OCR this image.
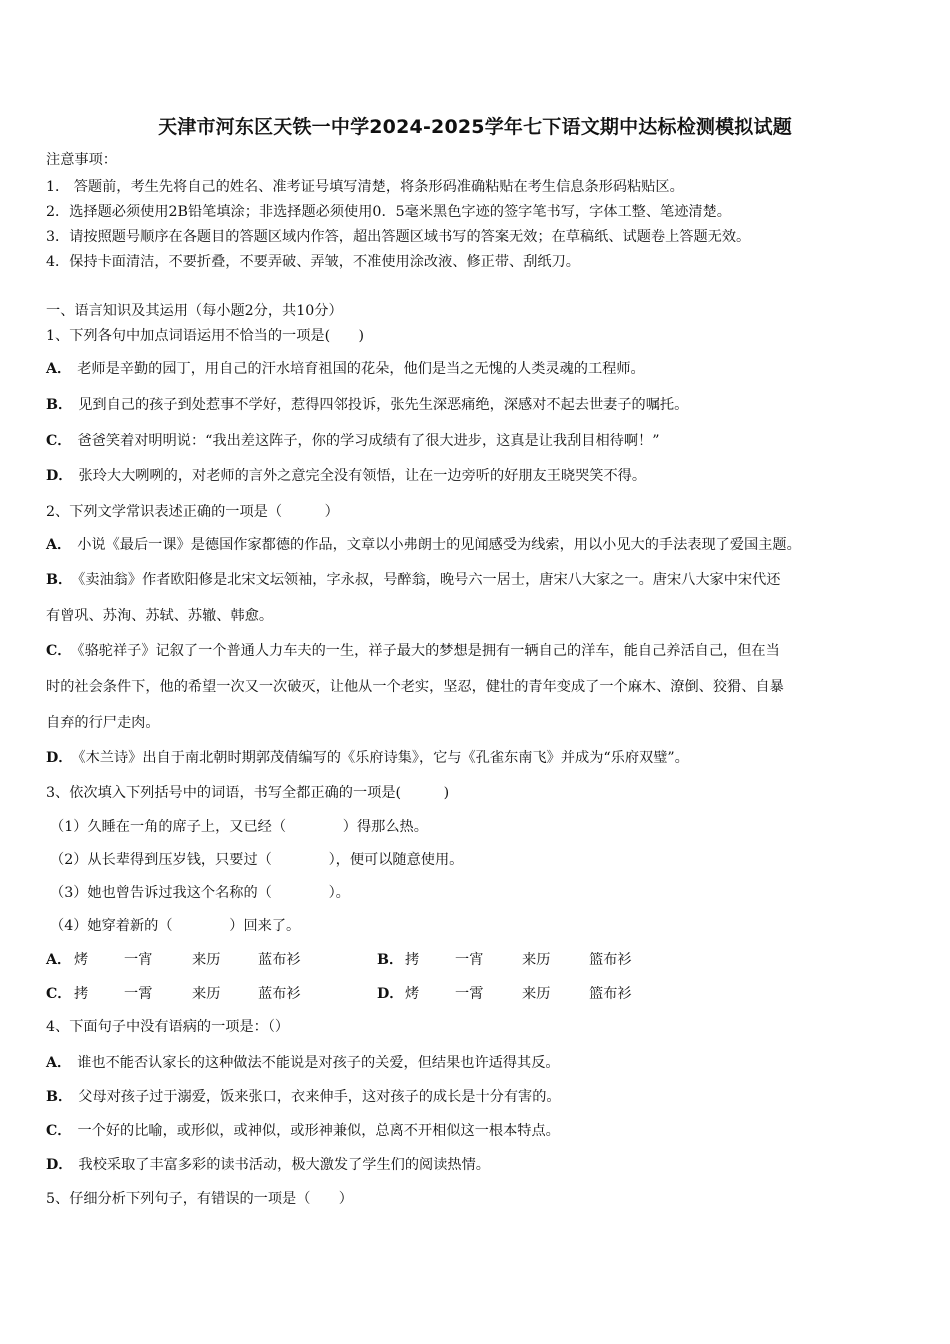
天津市河东区天铁一中学2024-2025学年七下语文期中达标检测模拟试题
注意事项：
1． 答题前，考生先将自己的姓名、准考证号填写清楚，将条形码准确粘贴在考生信息条形码粘贴区。
2．选择题必须使用2B铅笔填涂；非选择题必须使用0．5毫米黑色字迹的签字笔书写，字体工整、笔迹清楚。
3．请按照题号顺序在各题目的答题区域内作答，超出答题区域书写的答案无效；在草稿纸、试题卷上答题无效。
4．保持卡面清洁，不要折叠，不要弄破、弄皱，不准使用涂改液、修正带、刮纸刀。
一、语言知识及其运用（每小题2分，共10分）
1、下列各句中加点词语运用不恰当的一项是(　　)
A． 老师是辛勤的园丁，用自己的汗水培育祖国的花朵，他们是当之无愧的人类灵魂的工程师。
B． 见到自己的孩子到处惹事不学好，惹得四邻投诉，张先生深恶痛绝，深感对不起去世妻子的嘱托。
C． 爸爸笑着对明明说：“我出差这阵子，你的学习成绩有了很大进步，这真是让我刮目相待啊！”
D． 张玲大大咧咧的，对老师的言外之意完全没有领悟，让在一边旁听的好朋友王晓哭笑不得。
2、下列文学常识表述正确的一项是（　　　）
A． 小说《最后一课》是德国作家都德的作品，文章以小弗朗士的见闻感受为线索，用以小见大的手法表现了爱国主题。
B． 《卖油翁》作者欧阳修是北宋文坛领袖，字永叔，号醉翁，晚号六一居士，唐宋八大家之一。唐宋八大家中宋代还
有曾巩、苏洵、苏轼、苏辙、韩愈。
C． 《骆驼祥子》记叙了一个普通人力车夫的一生，祥子最大的梦想是拥有一辆自己的洋车，能自己养活自己，但在当
时的社会条件下，他的希望一次又一次破灭，让他从一个老实，坚忍，健壮的青年变成了一个麻木、潦倒、狡猾、自暴
自弃的行尸走肉。
D． 《木兰诗》出自于南北朝时期郭茂倩编写的《乐府诗集》，它与《孔雀东南飞》并成为“乐府双璧”。
3、依次填入下列括号中的词语，书写全都正确的一项是(　　　)
（1）久睡在一角的席子上，又已经（　　　　）得那么热。
（2）从长辈得到压岁钱，只要过（　　　　），便可以随意使用。
（3）她也曾告诉过我这个名称的（　　　　）。
（4）她穿着新的（　　　　）回来了。
A． 烤	一宵	来历	蓝布衫	B． 拷	一宵	来历	篮布衫
C． 拷	一霄	来历	蓝布衫	D． 烤	一霄	来历	篮布衫
4、下面句子中没有语病的一项是：（）
A． 谁也不能否认家长的这种做法不能说是对孩子的关爱，但结果也许适得其反。
B． 父母对孩子过于溺爱，饭来张口，衣来伸手，这对孩子的成长是十分有害的。
C． 一个好的比喻，或形似，或神似，或形神兼似，总离不开相似这一根本特点。
D． 我校采取了丰富多彩的读书活动，极大激发了学生们的阅读热情。
5、仔细分析下列句子，有错误的一项是（　　）
